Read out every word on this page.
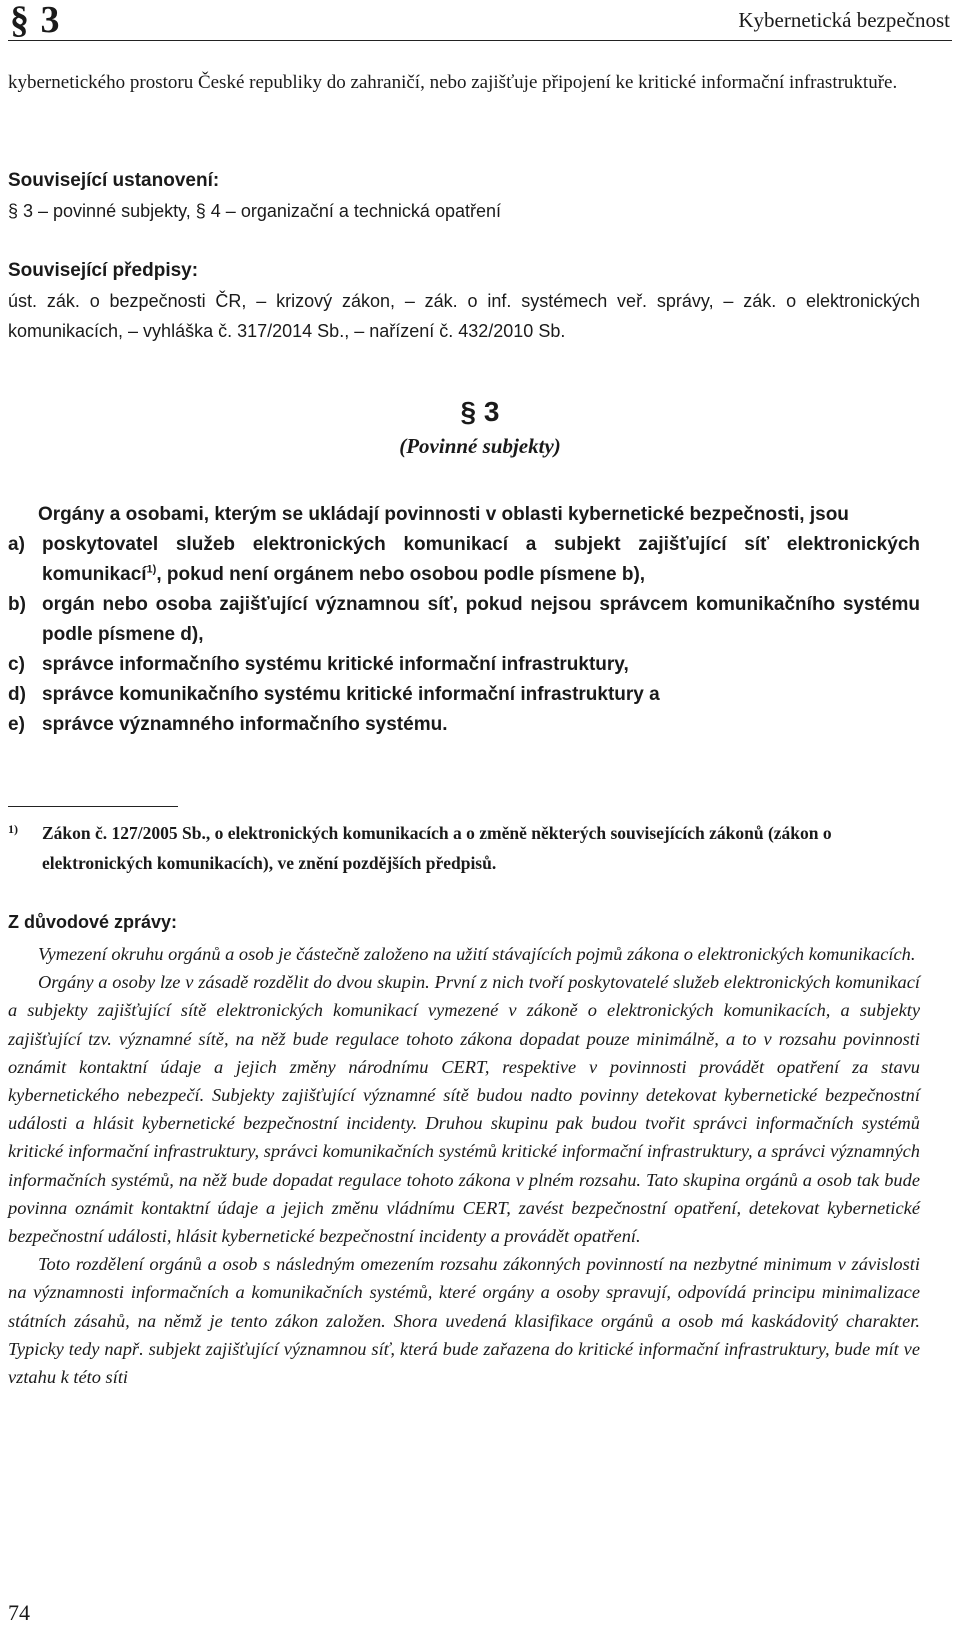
§ 3	Kybernetická bezpečnost
kybernetického prostoru České republiky do zahraničí, nebo zajišťuje připojení ke kritické informační infrastruktuře.
Související ustanovení:
§ 3 – povinné subjekty, § 4 – organizační a technická opatření
Související předpisy:
úst. zák. o bezpečnosti ČR, – krizový zákon, – zák. o inf. systémech veř. správy, – zák. o elektronických komunikacích, – vyhláška č. 317/2014 Sb., – nařízení č. 432/2010 Sb.
§ 3
(Povinné subjekty)
Orgány a osobami, kterým se ukládají povinnosti v oblasti kybernetické bezpečnosti, jsou
a) poskytovatel služeb elektronických komunikací a subjekt zajišťující síť elektronických komunikací$^{1)}$, pokud není orgánem nebo osobou podle písmene b),
b) orgán nebo osoba zajišťující významnou síť, pokud nejsou správcem komunikačního systému podle písmene d),
c) správce informačního systému kritické informační infrastruktury,
d) správce komunikačního systému kritické informační infrastruktury a
e) správce významného informačního systému.
1) Zákon č. 127/2005 Sb., o elektronických komunikacích a o změně některých souvisejících zákonů (zákon o elektronických komunikacích), ve znění pozdějších předpisů.
Z důvodové zprávy:

Vymezení okruhu orgánů a osob je částečně založeno na užití stávajících pojmů zákona o elektronických komunikacích.

Orgány a osoby lze v zásadě rozdělit do dvou skupin. První z nich tvoří poskytovatelé služeb elektronických komunikací a subjekty zajišťující sítě elektronických komunikací vymezené v zákoně o elektronických komunikacích, a subjekty zajišťující tzv. významné sítě, na něž bude regulace tohoto zákona dopadat pouze minimálně, a to v rozsahu povinnosti oznámit kontaktní údaje a jejich změny národnímu CERT, respektive v povinnosti provádět opatření za stavu kybernetického nebezpečí. Subjekty zajišťující významné sítě budou nadto povinny detekovat kybernetické bezpečnostní události a hlásit kybernetické bezpečnostní incidenty. Druhou skupinu pak budou tvořit správci informačních systémů kritické informační infrastruktury, správci komunikačních systémů kritické informační infrastruktury, a správci významných informačních systémů, na něž bude dopadat regulace tohoto zákona v plném rozsahu. Tato skupina orgánů a osob tak bude povinna oznámit kontaktní údaje a jejich změnu vládnímu CERT, zavést bezpečnostní opatření, detekovat kybernetické bezpečnostní události, hlásit kybernetické bezpečnostní incidenty a provádět opatření.

Toto rozdělení orgánů a osob s následným omezením rozsahu zákonných povinností na nezbytné minimum v závislosti na významnosti informačních a komunikačních systémů, které orgány a osoby spravují, odpovídá principu minimalizace státních zásahů, na němž je tento zákon založen. Shora uvedená klasifikace orgánů a osob má kaskádovitý charakter. Typicky tedy např. subjekt zajišťující významnou síť, která bude zařazena do kritické informační infrastruktury, bude mít ve vztahu k této síti

74
